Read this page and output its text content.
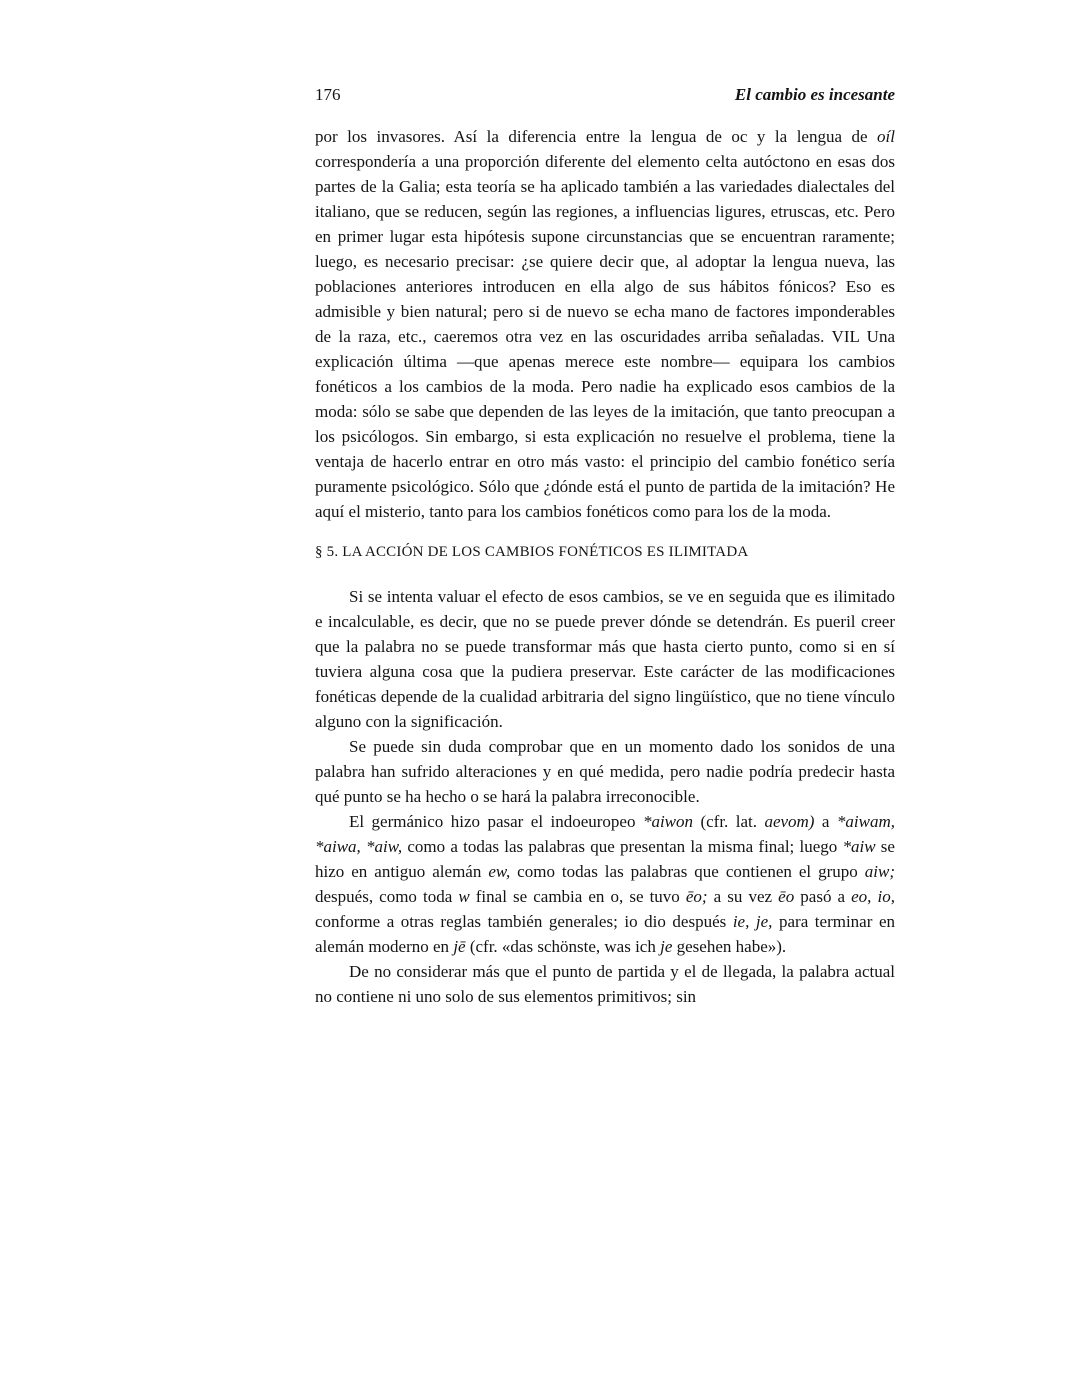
176	El cambio es incesante

por los invasores. Así la diferencia entre la lengua de oc y la lengua de oíl correspondería a una proporción diferente del elemento celta autóctono en esas dos partes de la Galia; esta teoría se ha aplicado también a las variedades dialectales del italiano, que se reducen, según las regiones, a influencias ligures, etruscas, etc. Pero en primer lugar esta hipótesis supone circunstancias que se encuentran raramente; luego, es necesario precisar: ¿se quiere decir que, al adoptar la lengua nueva, las poblaciones anteriores introducen en ella algo de sus hábitos fónicos? Eso es admisible y bien natural; pero si de nuevo se echa mano de factores imponderables de la raza, etc., caeremos otra vez en las oscuridades arriba señaladas. VIL Una explicación última —que apenas merece este nombre— equipara los cambios fonéticos a los cambios de la moda. Pero nadie ha explicado esos cambios de la moda: sólo se sabe que dependen de las leyes de la imitación, que tanto preocupan a los psicólogos. Sin embargo, si esta explicación no resuelve el problema, tiene la ventaja de hacerlo entrar en otro más vasto: el principio del cambio fonético sería puramente psicológico. Sólo que ¿dónde está el punto de partida de la imitación? He aquí el misterio, tanto para los cambios fonéticos como para los de la moda.

§ 5. LA ACCIÓN DE LOS CAMBIOS FONÉTICOS ES ILIMITADA

Si se intenta valuar el efecto de esos cambios, se ve en seguida que es ilimitado e incalculable, es decir, que no se puede prever dónde se detendrán. Es pueril creer que la palabra no se puede transformar más que hasta cierto punto, como si en sí tuviera alguna cosa que la pudiera preservar. Este carácter de las modificaciones fonéticas depende de la cualidad arbitraria del signo lingüístico, que no tiene vínculo alguno con la significación.

Se puede sin duda comprobar que en un momento dado los sonidos de una palabra han sufrido alteraciones y en qué medida, pero nadie podría predecir hasta qué punto se ha hecho o se hará la palabra irreconocible.

El germánico hizo pasar el indoeuropeo *aiwon (cfr. lat. aevom) a *aiwam, *aiwa, *aiw, como a todas las palabras que presentan la misma final; luego *aiw se hizo en antiguo alemán ew, como todas las palabras que contienen el grupo aiw; después, como toda w final se cambia en o, se tuvo ēo; a su vez ēo pasó a eo, io, conforme a otras reglas también generales; io dio después ie, je, para terminar en alemán moderno en jē (cfr. «das schönste, was ich je gesehen habe»).

De no considerar más que el punto de partida y el de llegada, la palabra actual no contiene ni uno solo de sus elementos primitivos; sin
